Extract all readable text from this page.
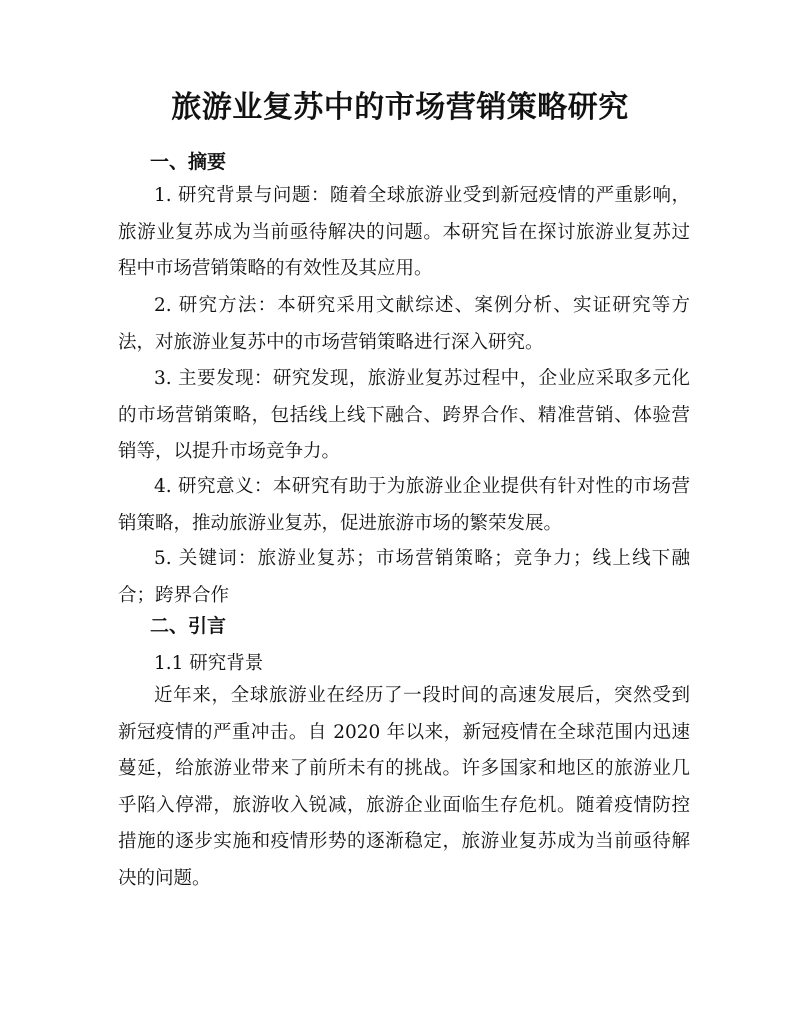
旅游业复苏中的市场营销策略研究
一、摘要
1. 研究背景与问题：随着全球旅游业受到新冠疫情的严重影响，旅游业复苏成为当前亟待解决的问题。本研究旨在探讨旅游业复苏过程中市场营销策略的有效性及其应用。
2. 研究方法：本研究采用文献综述、案例分析、实证研究等方法，对旅游业复苏中的市场营销策略进行深入研究。
3. 主要发现：研究发现，旅游业复苏过程中，企业应采取多元化的市场营销策略，包括线上线下融合、跨界合作、精准营销、体验营销等，以提升市场竞争力。
4. 研究意义：本研究有助于为旅游业企业提供有针对性的市场营销策略，推动旅游业复苏，促进旅游市场的繁荣发展。
5. 关键词：旅游业复苏；市场营销策略；竞争力；线上线下融合；跨界合作
二、引言
1.1 研究背景
近年来，全球旅游业在经历了一段时间的高速发展后，突然受到新冠疫情的严重冲击。自 2020 年以来，新冠疫情在全球范围内迅速蔓延，给旅游业带来了前所未有的挑战。许多国家和地区的旅游业几乎陷入停滞，旅游收入锐减，旅游企业面临生存危机。随着疫情防控措施的逐步实施和疫情形势的逐渐稳定，旅游业复苏成为当前亟待解决的问题。
